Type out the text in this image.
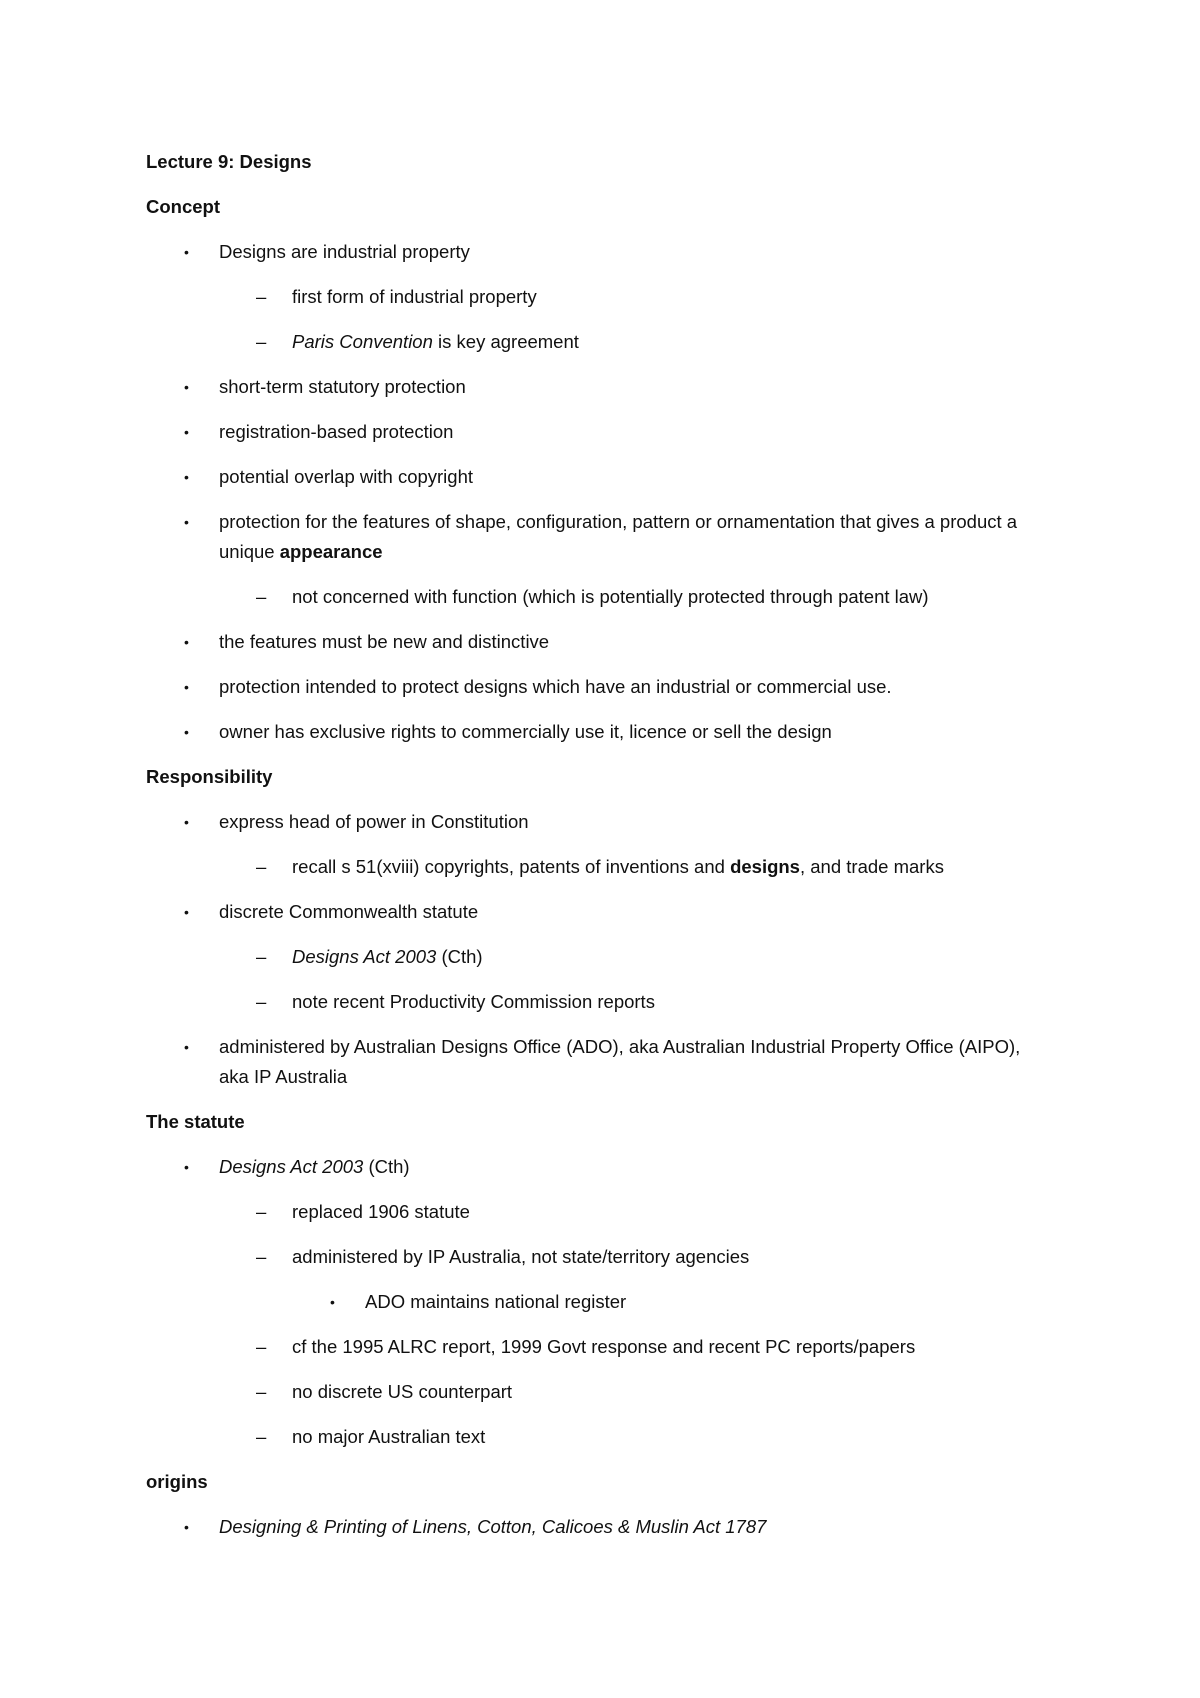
Lecture 9: Designs
Concept
• Designs are industrial property
– first form of industrial property
– Paris Convention is key agreement
• short-term statutory protection
• registration-based protection
• potential overlap with copyright
• protection for the features of shape, configuration, pattern or ornamentation that gives a product a unique appearance
– not concerned with function (which is potentially protected through patent law)
• the features must be new and distinctive
• protection intended to protect designs which have an industrial or commercial use.
• owner has exclusive rights to commercially use it, licence or sell the design
Responsibility
• express head of power in Constitution
– recall s 51(xviii) copyrights, patents of inventions and designs, and trade marks
• discrete Commonwealth statute
– Designs Act 2003 (Cth)
– note recent Productivity Commission reports
• administered by Australian Designs Office (ADO), aka Australian Industrial Property Office (AIPO), aka IP Australia
The statute
• Designs Act 2003 (Cth)
– replaced 1906 statute
– administered by IP Australia, not state/territory agencies
• ADO maintains national register
– cf the 1995 ALRC report, 1999 Govt response and recent PC reports/papers
– no discrete US counterpart
– no major Australian text
origins
• Designing & Printing of Linens, Cotton, Calicoes & Muslin Act 1787
